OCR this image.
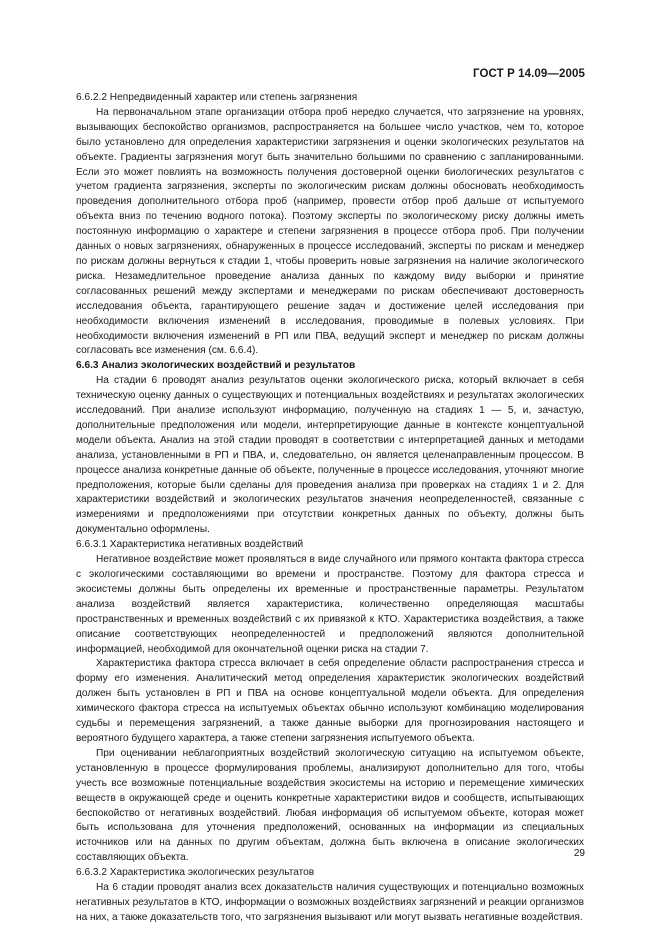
ГОСТ Р 14.09—2005

6.6.2.2 Непредвиденный характер или степень загрязнения

На первоначальном этапе организации отбора проб нередко случается, что загрязнение на уровнях, вызывающих беспокойство организмов, распространяется на большее число участков, чем то, которое было установлено для определения характеристики загрязнения и оценки экологических результатов на объекте. Градиенты загрязнения могут быть значительно большими по сравнению с запланированными. Если это может повлиять на возможность получения достоверной оценки биологических результатов с учетом градиента загрязнения, эксперты по экологическим рискам должны обосновать необходимость проведения дополнительного отбора проб (например, провести отбор проб дальше от испытуемого объекта вниз по течению водного потока). Поэтому эксперты по экологическому риску должны иметь постоянную информацию о характере и степени загрязнения в процессе отбора проб. При получении данных о новых загрязнениях, обнаруженных в процессе исследований, эксперты по рискам и менеджер по рискам должны вернуться к стадии 1, чтобы проверить новые загрязнения на наличие экологического риска. Незамедлительное проведение анализа данных по каждому виду выборки и принятие согласованных решений между экспертами и менеджерами по рискам обеспечивают достоверность исследования объекта, гарантирующего решение задач и достижение целей исследования при необходимости включения изменений в исследования, проводимые в полевых условиях. При необходимости включения изменений в РП или ПВА, ведущий эксперт и менеджер по рискам должны согласовать все изменения (см. 6.6.4).

6.6.3 Анализ экологических воздействий и результатов

На стадии 6 проводят анализ результатов оценки экологического риска, который включает в себя техническую оценку данных о существующих и потенциальных воздействиях и результатах экологических исследований. При анализе используют информацию, полученную на стадиях 1 — 5, и, зачастую, дополнительные предположения или модели, интерпретирующие данные в контексте концептуальной модели объекта. Анализ на этой стадии проводят в соответствии с интерпретацией данных и методами анализа, установленными в РП и ПВА, и, следовательно, он является целенаправленным процессом. В процессе анализа конкретные данные об объекте, полученные в процессе исследования, уточняют многие предположения, которые были сделаны для проведения анализа при проверках на стадиях 1 и 2. Для характеристики воздействий и экологических результатов значения неопределенностей, связанные с измерениями и предположениями при отсутствии конкретных данных по объекту, должны быть документально оформлены.

6.6.3.1 Характеристика негативных воздействий

Негативное воздействие может проявляться в виде случайного или прямого контакта фактора стресса с экологическими составляющими во времени и пространстве. Поэтому для фактора стресса и экосистемы должны быть определены их временные и пространственные параметры. Результатом анализа воздействий является характеристика, количественно определяющая масштабы пространственных и временных воздействий с их привязкой к КТО. Характеристика воздействия, а также описание соответствующих неопределенностей и предположений являются дополнительной информацией, необходимой для окончательной оценки риска на стадии 7.

Характеристика фактора стресса включает в себя определение области распространения стресса и форму его изменения. Аналитический метод определения характеристик экологических воздействий должен быть установлен в РП и ПВА на основе концептуальной модели объекта. Для определения химического фактора стресса на испытуемых объектах обычно используют комбинацию моделирования судьбы и перемещения загрязнений, а также данные выборки для прогнозирования настоящего и вероятного будущего характера, а также степени загрязнения испытуемого объекта.

При оценивании неблагоприятных воздействий экологическую ситуацию на испытуемом объекте, установленную в процессе формулирования проблемы, анализируют дополнительно для того, чтобы учесть все возможные потенциальные воздействия экосистемы на историю и перемещение химических веществ в окружающей среде и оценить конкретные характеристики видов и сообществ, испытывающих беспокойство от негативных воздействий. Любая информация об испытуемом объекте, которая может быть использована для уточнения предположений, основанных на информации из специальных источников или на данных по другим объектам, должна быть включена в описание экологических составляющих объекта.

6.6.3.2 Характеристика экологических результатов

На 6 стадии проводят анализ всех доказательств наличия существующих и потенциально возможных негативных результатов в КТО, информации о возможных воздействиях загрязнений и реакции организмов на них, а также доказательств того, что загрязнения вызывают или могут вызвать негативные воздействия.

29
